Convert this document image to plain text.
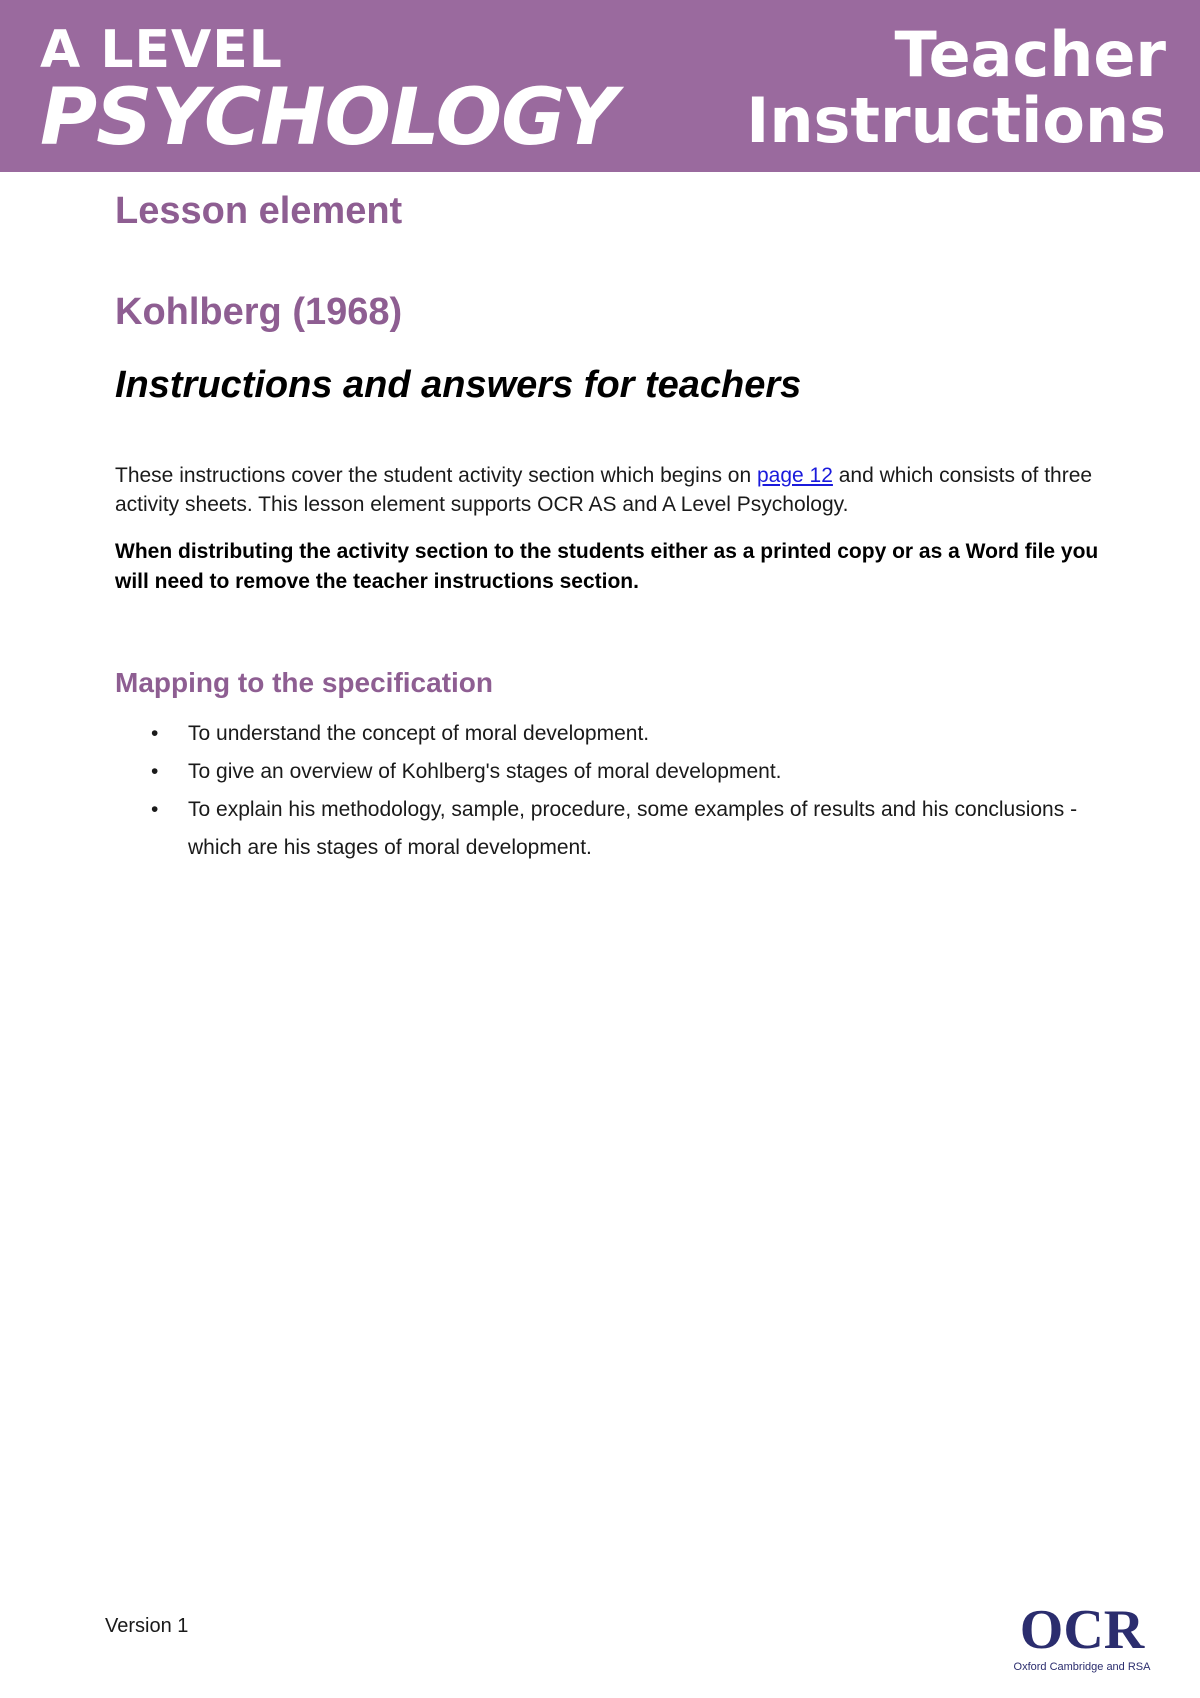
A LEVEL
PSYCHOLOGY
Teacher
Instructions
Lesson element
Kohlberg (1968)
Instructions and answers for teachers

These instructions cover the student activity section which begins on page 12 and which consists of three activity sheets. This lesson element supports OCR AS and A Level Psychology.

When distributing the activity section to the students either as a printed copy or as a Word file you will need to remove the teacher instructions section.

Mapping to the specification
• To understand the concept of moral development.
• To give an overview of Kohlberg's stages of moral development.
• To explain his methodology, sample, procedure, some examples of results and his conclusions - which are his stages of moral development.
Version 1	OCR
Oxford Cambridge and RSA
